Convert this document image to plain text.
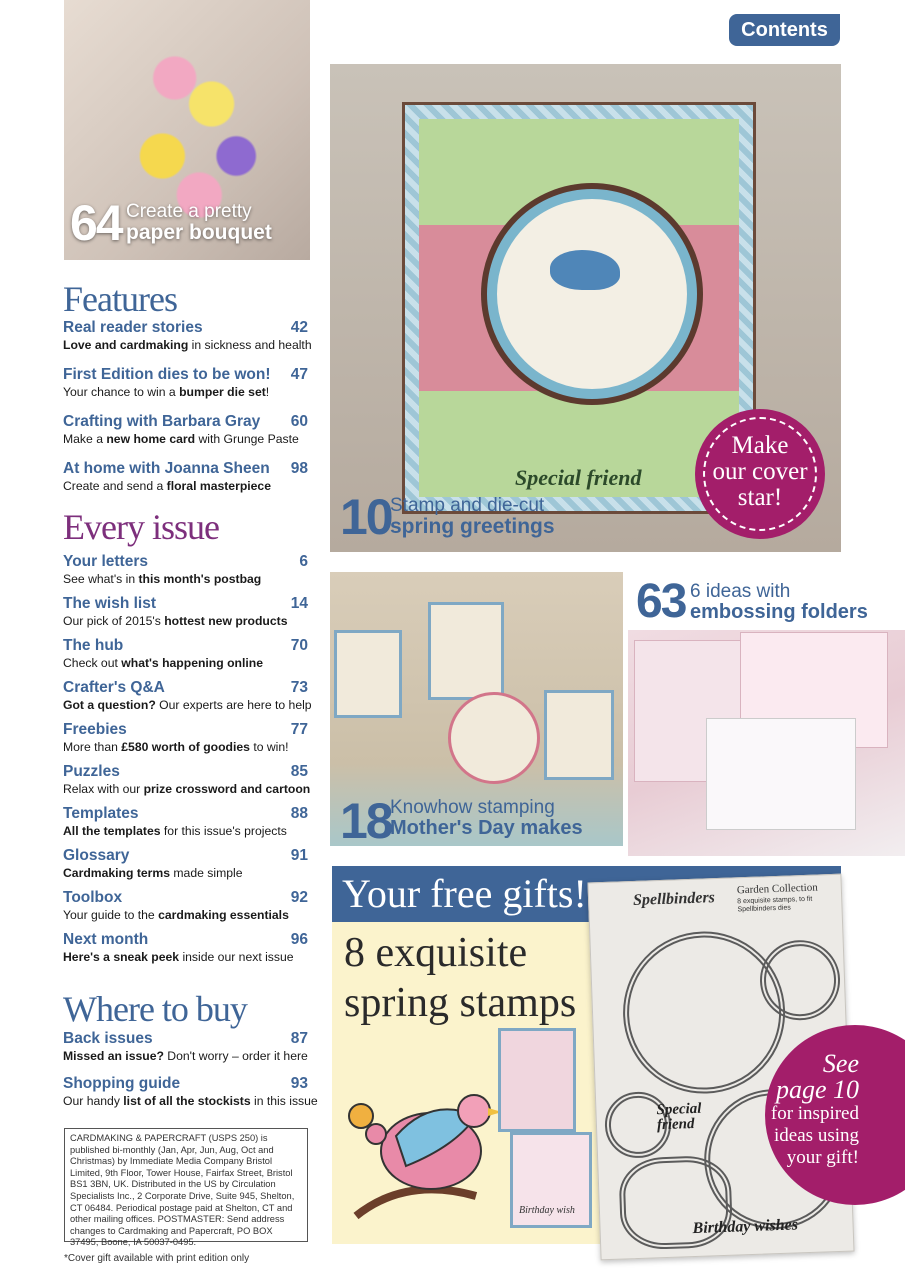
Contents
64 Create a pretty
paper bouquet
Special friend
10
Stamp and die-cut
spring greetings
Make
our cover
star!
18
Knowhow stamping
Mother's Day makes
63 6 ideas with
embossing folders
Features
Real reader stories	42
Love and cardmaking in sickness and health
First Edition dies to be won! 47
Your chance to win a bumper die set!
Crafting with Barbara Gray 60
Make a new home card with Grunge Paste
At home with Joanna Sheen 98
Create and send a floral masterpiece
Every issue
Your letters	6
See what's in this month's postbag
The wish list	14
Our pick of 2015's hottest new products
The hub	70
Check out what's happening online
Crafter's Q&A	73
Got a question? Our experts are here to help
Freebies	77
More than £580 worth of goodies to win!
Puzzles	85
Relax with our prize crossword and cartoon
Templates	88
All the templates for this issue's projects
Glossary	91
Cardmaking terms made simple
Toolbox	92
Your guide to the cardmaking essentials
Next month	96
Here's a sneak peek inside our next issue
Where to buy
Back issues	87
Missed an issue? Don't worry – order it here
Shopping guide	93
Our handy list of all the stockists in this issue
CARDMAKING & PAPERCRAFT (USPS 250) is published bi-monthly (Jan, Apr, Jun, Aug, Oct and Christmas) by Immediate Media Company Bristol Limited, 9th Floor, Tower House, Fairfax Street, Bristol BS1 3BN, UK. Distributed in the US by Circulation Specialists Inc., 2 Corporate Drive, Suite 945, Shelton, CT 06484. Periodical postage paid at Shelton, CT and other mailing offices. POSTMASTER: Send address changes to Cardmaking and Papercraft, PO BOX 37495, Boone, IA 50037-0495.
*Cover gift available with print edition only
Your free gifts!
8 exquisite
spring stamps
Birthday wish
Spellbinders
Garden Collection
8 exquisite stamps, to fit Spellbinders dies
Special friend
Birthday wishes
See
page 10
for inspired
ideas using
your gift!
